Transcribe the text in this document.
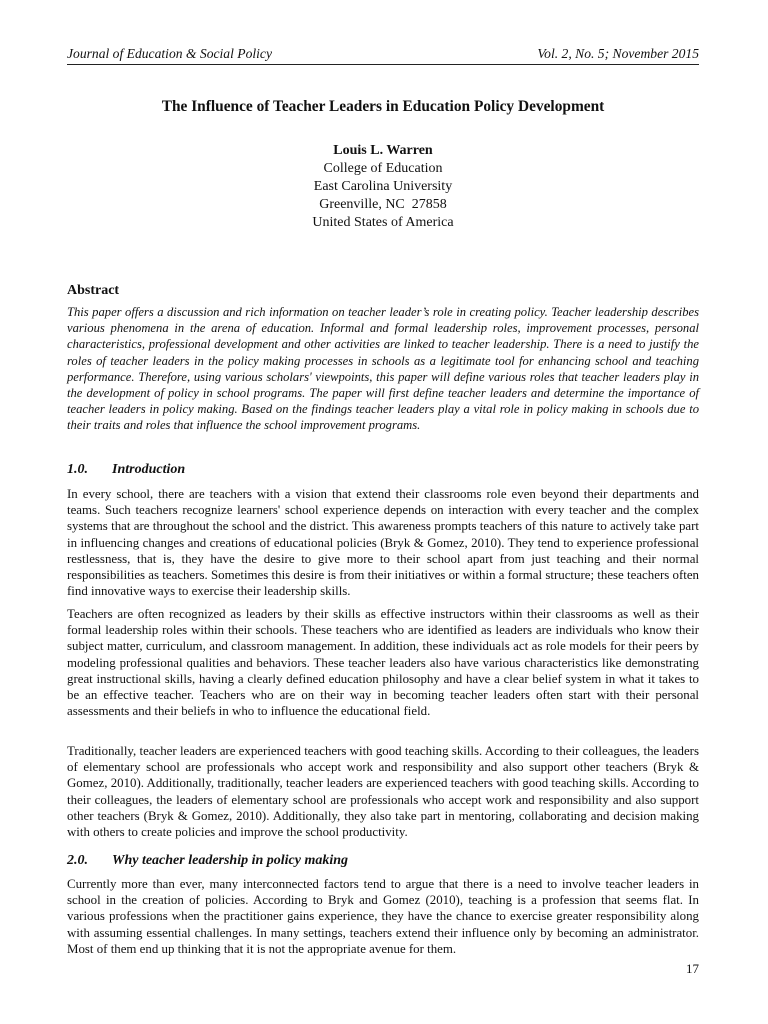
Journal of Education & Social Policy	Vol. 2, No. 5; November 2015
The Influence of Teacher Leaders in Education Policy Development
Louis L. Warren
College of Education
East Carolina University
Greenville, NC  27858
United States of America
Abstract
This paper offers a discussion and rich information on teacher leader’s role in creating policy. Teacher leadership describes various phenomena in the arena of education. Informal and formal leadership roles, improvement processes, personal characteristics, professional development and other activities are linked to teacher leadership. There is a need to justify the roles of teacher leaders in the policy making processes in schools as a legitimate tool for enhancing school and teaching performance. Therefore, using various scholars' viewpoints, this paper will define various roles that teacher leaders play in the development of policy in school programs. The paper will first define teacher leaders and determine the importance of teacher leaders in policy making. Based on the findings teacher leaders play a vital role in policy making in schools due to their traits and roles that influence the school improvement programs.
1.0. Introduction
In every school, there are teachers with a vision that extend their classrooms role even beyond their departments and teams. Such teachers recognize learners' school experience depends on interaction with every teacher and the complex systems that are throughout the school and the district. This awareness prompts teachers of this nature to actively take part in influencing changes and creations of educational policies (Bryk & Gomez, 2010). They tend to experience professional restlessness, that is, they have the desire to give more to their school apart from just teaching and their normal responsibilities as teachers. Sometimes this desire is from their initiatives or within a formal structure; these teachers often find innovative ways to exercise their leadership skills.
Teachers are often recognized as leaders by their skills as effective instructors within their classrooms as well as their formal leadership roles within their schools. These teachers who are identified as leaders are individuals who know their subject matter, curriculum, and classroom management. In addition, these individuals act as role models for their peers by modeling professional qualities and behaviors. These teacher leaders also have various characteristics like demonstrating great instructional skills, having a clearly defined education philosophy and have a clear belief system in what it takes to be an effective teacher. Teachers who are on their way in becoming teacher leaders often start with their personal assessments and their beliefs in who to influence the educational field.
Traditionally, teacher leaders are experienced teachers with good teaching skills. According to their colleagues, the leaders of elementary school are professionals who accept work and responsibility and also support other teachers (Bryk & Gomez, 2010). Additionally, traditionally, teacher leaders are experienced teachers with good teaching skills. According to their colleagues, the leaders of elementary school are professionals who accept work and responsibility and also support other teachers (Bryk & Gomez, 2010). Additionally, they also take part in mentoring, collaborating and decision making with others to create policies and improve the school productivity.
2.0. Why teacher leadership in policy making
Currently more than ever, many interconnected factors tend to argue that there is a need to involve teacher leaders in school in the creation of policies. According to Bryk and Gomez (2010), teaching is a profession that seems flat. In various professions when the practitioner gains experience, they have the chance to exercise greater responsibility along with assuming essential challenges. In many settings, teachers extend their influence only by becoming an administrator. Most of them end up thinking that it is not the appropriate avenue for them.
17
